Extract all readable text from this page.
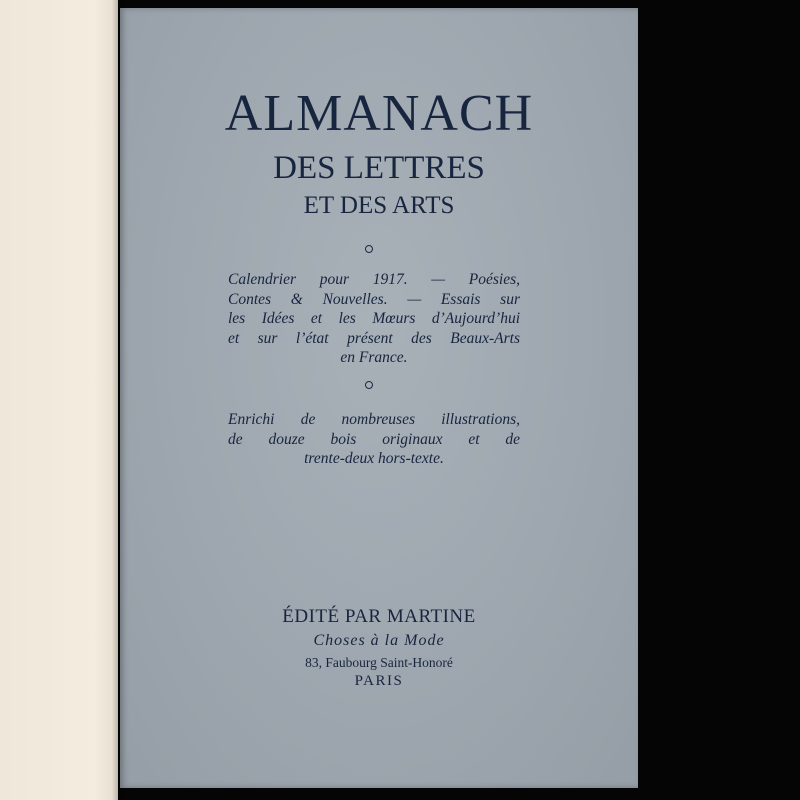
ALMANACH
DES LETTRES
ET DES ARTS
Calendrier pour 1917. — Poésies,
Contes & Nouvelles. — Essais sur
les Idées et les Mœurs d’Aujourd’hui
et sur l’état présent des Beaux-Arts
en France.
Enrichi de nombreuses illustrations,
de douze bois originaux et de
trente-deux hors-texte.
ÉDITÉ PAR MARTINE
Choses à la Mode
83, Faubourg Saint-Honoré
PARIS
